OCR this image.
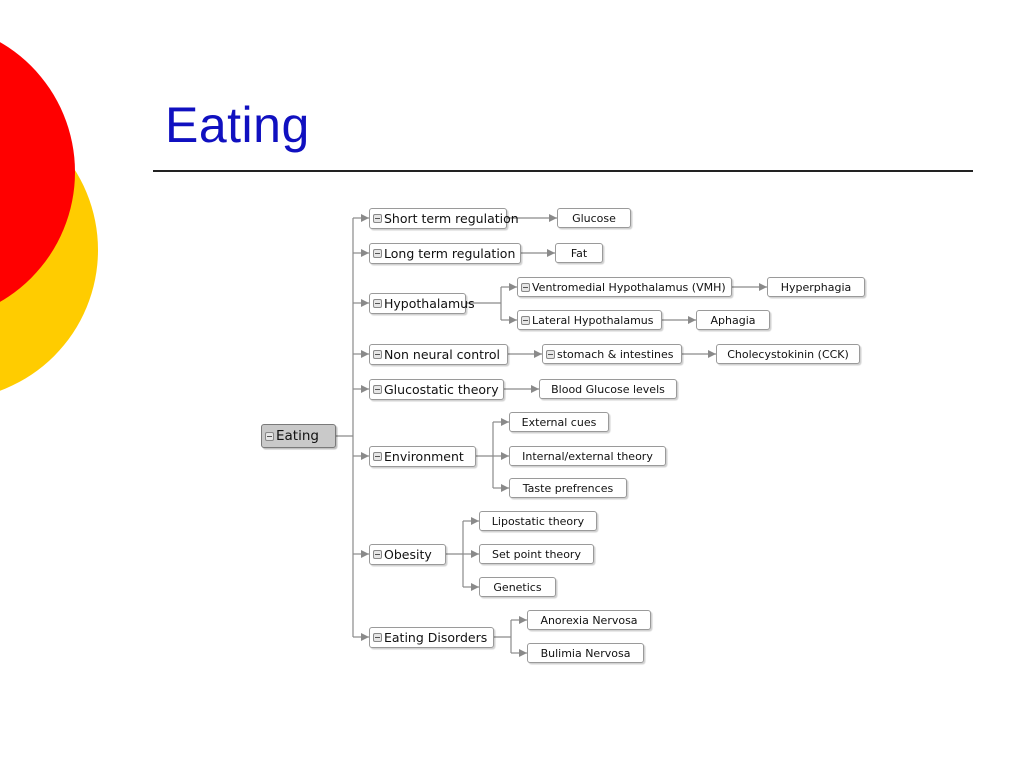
Eating
Eating
Short term regulation
Long term regulation
Hypothalamus
Non neural control
Glucostatic theory
Environment
Obesity
Eating Disorders
Glucose
Fat
Ventromedial Hypothalamus (VMH)	Hyperphagia
Lateral Hypothalamus	Aphagia
stomach & intestines	Cholecystokinin (CCK)
Blood Glucose levels
External cues
Internal/external theory
Taste prefrences
Lipostatic theory
Set point theory
Genetics
Anorexia Nervosa
Bulimia Nervosa
